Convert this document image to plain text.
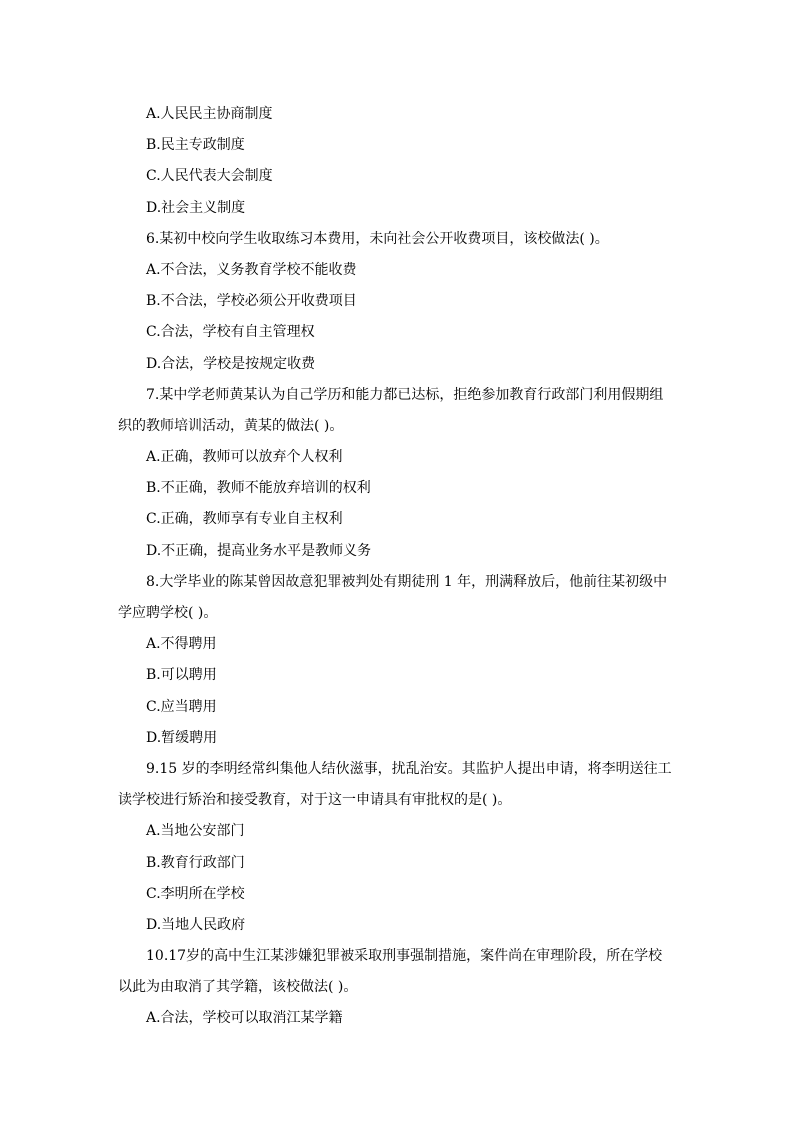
A.人民民主协商制度
B.民主专政制度
C.人民代表大会制度
D.社会主义制度
6.某初中校向学生收取练习本费用，未向社会公开收费项目，该校做法( )。
A.不合法，义务教育学校不能收费
B.不合法，学校必须公开收费项目
C.合法，学校有自主管理权
D.合法，学校是按规定收费
7.某中学老师黄某认为自己学历和能力都已达标，拒绝参加教育行政部门利用假期组
织的教师培训活动，黄某的做法( )。
A.正确，教师可以放弃个人权利
B.不正确，教师不能放弃培训的权利
C.正确，教师享有专业自主权利
D.不正确，提高业务水平是教师义务
8.大学毕业的陈某曾因故意犯罪被判处有期徒刑 1 年，刑满释放后，他前往某初级中
学应聘学校( )。
A.不得聘用
B.可以聘用
C.应当聘用
D.暂缓聘用
9.15 岁的李明经常纠集他人结伙滋事，扰乱治安。其监护人提出申请，将李明送往工
读学校进行矫治和接受教育，对于这一申请具有审批权的是( )。
A.当地公安部门
B.教育行政部门
C.李明所在学校
D.当地人民政府
10.17岁的高中生江某涉嫌犯罪被采取刑事强制措施，案件尚在审理阶段，所在学校
以此为由取消了其学籍，该校做法( )。
A.合法，学校可以取消江某学籍
